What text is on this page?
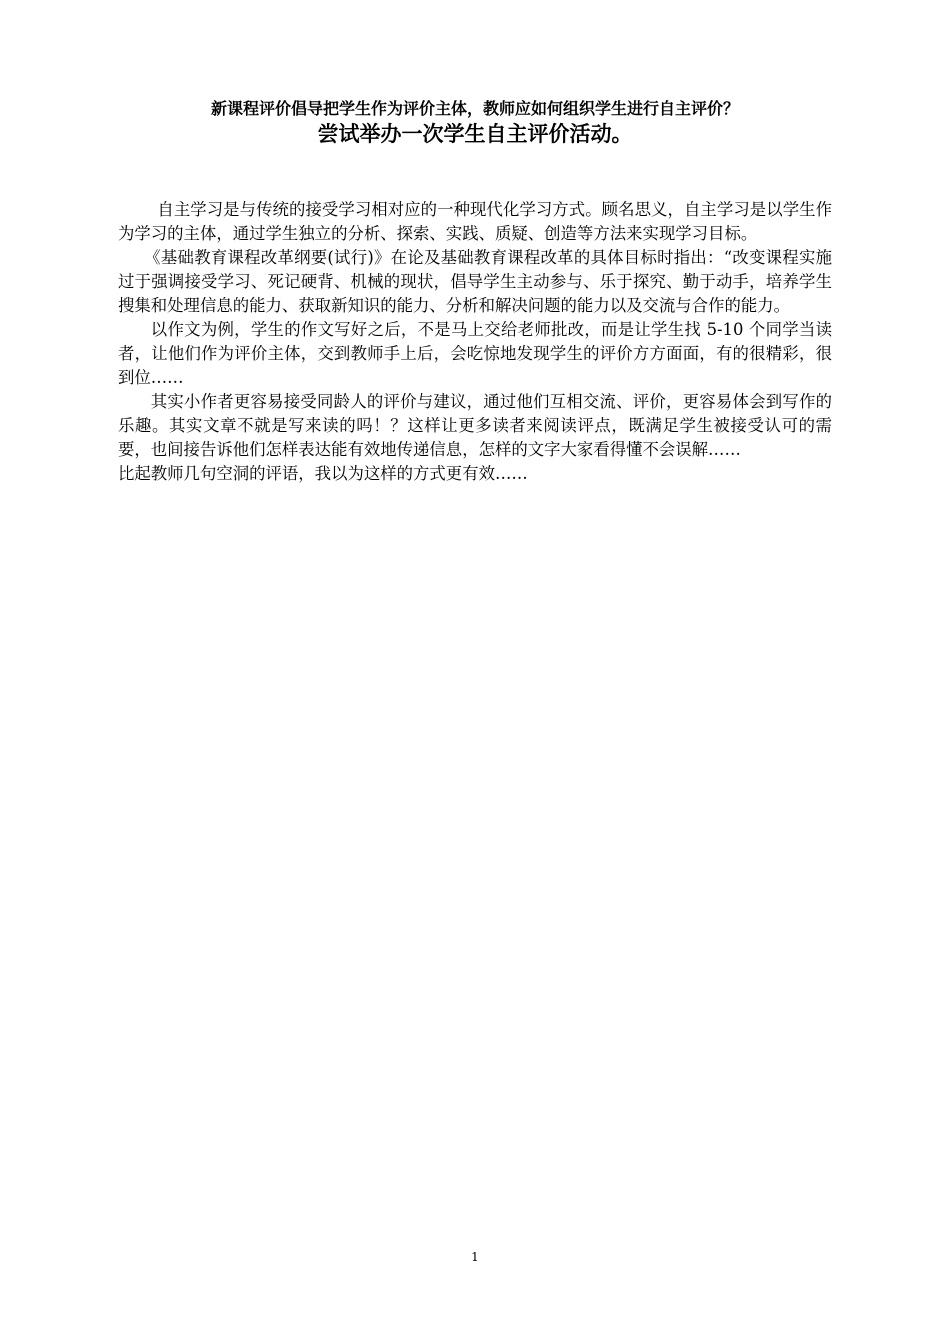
新课程评价倡导把学生作为评价主体，教师应如何组织学生进行自主评价？
尝试举办一次学生自主评价活动。

自主学习是与传统的接受学习相对应的一种现代化学习方式。顾名思义，自主学习是以学生作为学习的主体，通过学生独立的分析、探索、实践、质疑、创造等方法来实现学习目标。

《基础教育课程改革纲要(试行)》在论及基础教育课程改革的具体目标时指出：“改变课程实施过于强调接受学习、死记硬背、机械的现状，倡导学生主动参与、乐于探究、勤于动手，培养学生搜集和处理信息的能力、获取新知识的能力、分析和解决问题的能力以及交流与合作的能力。

以作文为例，学生的作文写好之后，不是马上交给老师批改，而是让学生找 5-10 个同学当读者，让他们作为评价主体，交到教师手上后，会吃惊地发现学生的评价方方面面，有的很精彩，很到位……

其实小作者更容易接受同龄人的评价与建议，通过他们互相交流、评价，更容易体会到写作的乐趣。其实文章不就是写来读的吗！？这样让更多读者来阅读评点，既满足学生被接受认可的需要，也间接告诉他们怎样表达能有效地传递信息，怎样的文字大家看得懂不会误解……

比起教师几句空洞的评语，我以为这样的方式更有效……

1
